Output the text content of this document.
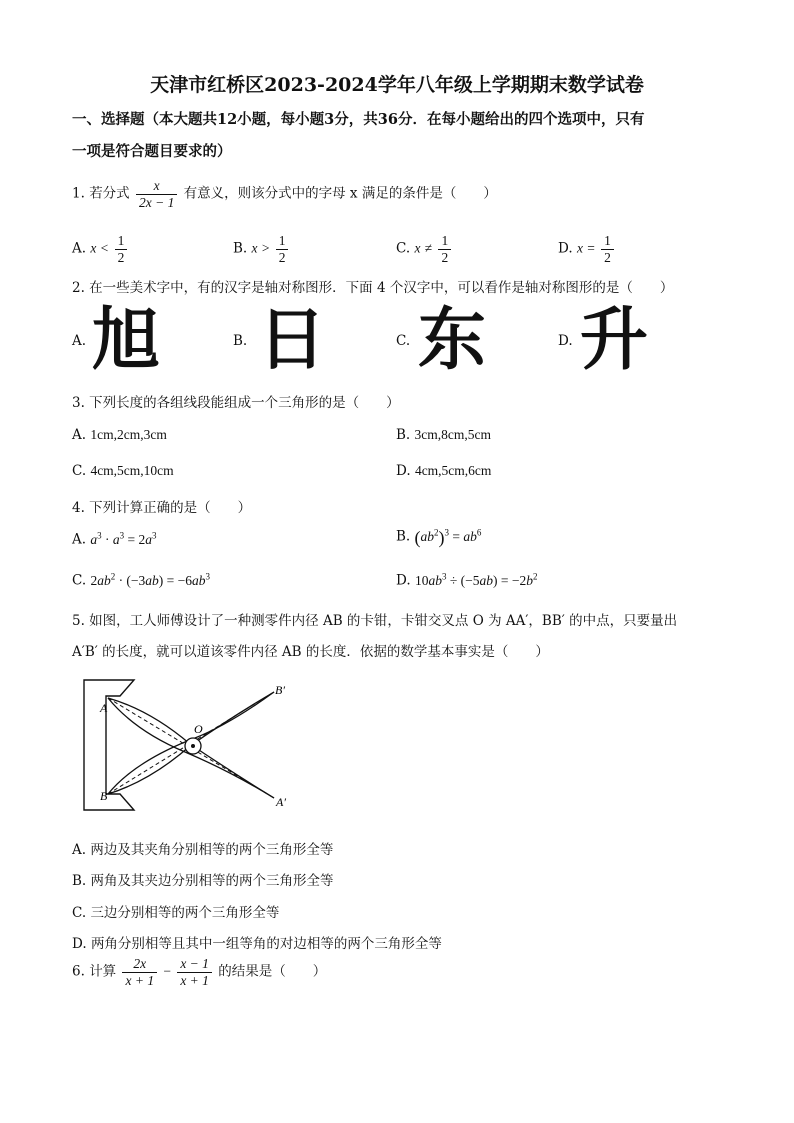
天津市红桥区2023-2024学年八年级上学期期末数学试卷
一、选择题（本大题共12小题，每小题3分，共36分．在每小题给出的四个选项中，只有
一项是符合题目要求的）
1. 若分式 $\frac{x}{2x - 1}$ 有意义，则该分式中的字母 x 满足的条件是（　　）
A. $x < \frac{1}{2}$	B. $x > \frac{1}{2}$	C. $x \ne \frac{1}{2}$	D. $x = \frac{1}{2}$
2. 在一些美术字中，有的汉字是轴对称图形．下面 4 个汉字中，可以看作是轴对称图形的是（　　）
A. 旭	B. 日	C. 东	D. 升
3. 下列长度的各组线段能组成一个三角形的是（　　）
A. 1cm,2cm,3cm	B. 3cm,8cm,5cm
C. 4cm,5cm,10cm	D. 4cm,5cm,6cm
4. 下列计算正确的是（　　）
A. $a^3 \cdot a^3 = 2a^3$	B. $(ab^2)^3 = ab^6$
C. $2ab^2 \cdot (-3ab) = -6ab^3$	D. $10ab^3 \div (-5ab) = -2b^2$
5. 如图，工人师傅设计了一种测零件内径 AB 的卡钳，卡钳交叉点 O 为 AA′，BB′ 的中点，只要量出
A′B′ 的长度，就可以道该零件内径 AB 的长度．依据的数学基本事实是（　　）
O
A
B
B′
A′
A. 两边及其夹角分别相等的两个三角形全等
B. 两角及其夹边分别相等的两个三角形全等
C. 三边分别相等的两个三角形全等
D. 两角分别相等且其中一组等角的对边相等的两个三角形全等
6. 计算 $\frac{2x}{x + 1} - \frac{x - 1}{x + 1}$ 的结果是（　　）
